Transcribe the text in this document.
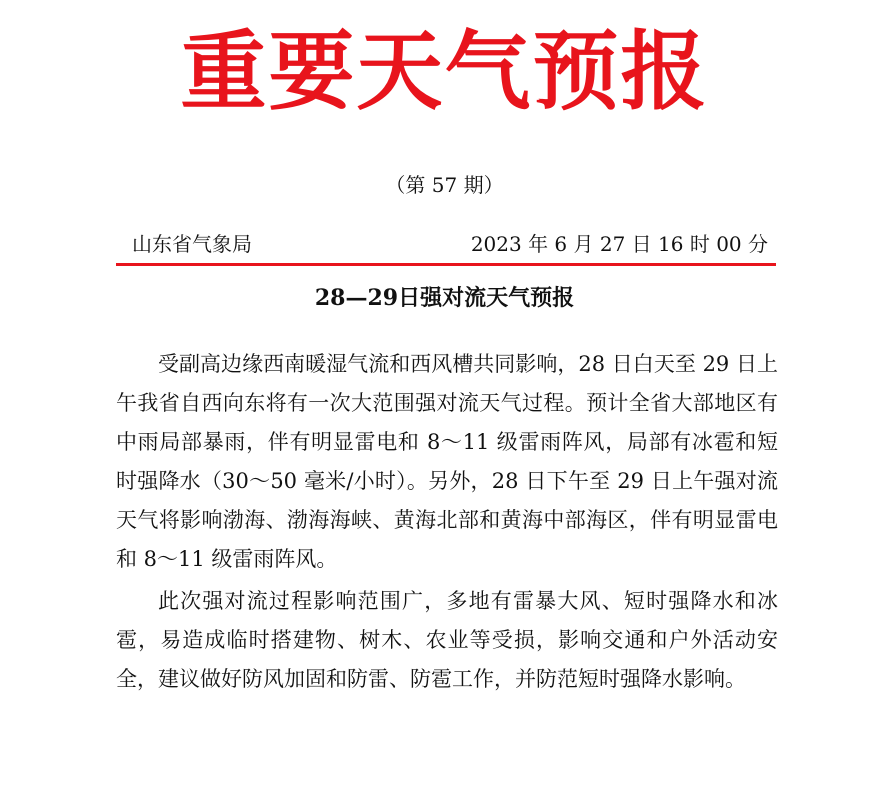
重要天气预报
（第 57 期）
山东省气象局	2023 年 6 月 27 日 16 时 00 分
28—29日强对流天气预报

受副高边缘西南暖湿气流和西风槽共同影响，28 日白天至 29 日上午我省自西向东将有一次大范围强对流天气过程。预计全省大部地区有中雨局部暴雨，伴有明显雷电和 8～11 级雷雨阵风，局部有冰雹和短时强降水（30～50 毫米/小时）。另外，28 日下午至 29 日上午强对流天气将影响渤海、渤海海峡、黄海北部和黄海中部海区，伴有明显雷电和 8～11 级雷雨阵风。

此次强对流过程影响范围广，多地有雷暴大风、短时强降水和冰雹，易造成临时搭建物、树木、农业等受损，影响交通和户外活动安全，建议做好防风加固和防雷、防雹工作，并防范短时强降水影响。
